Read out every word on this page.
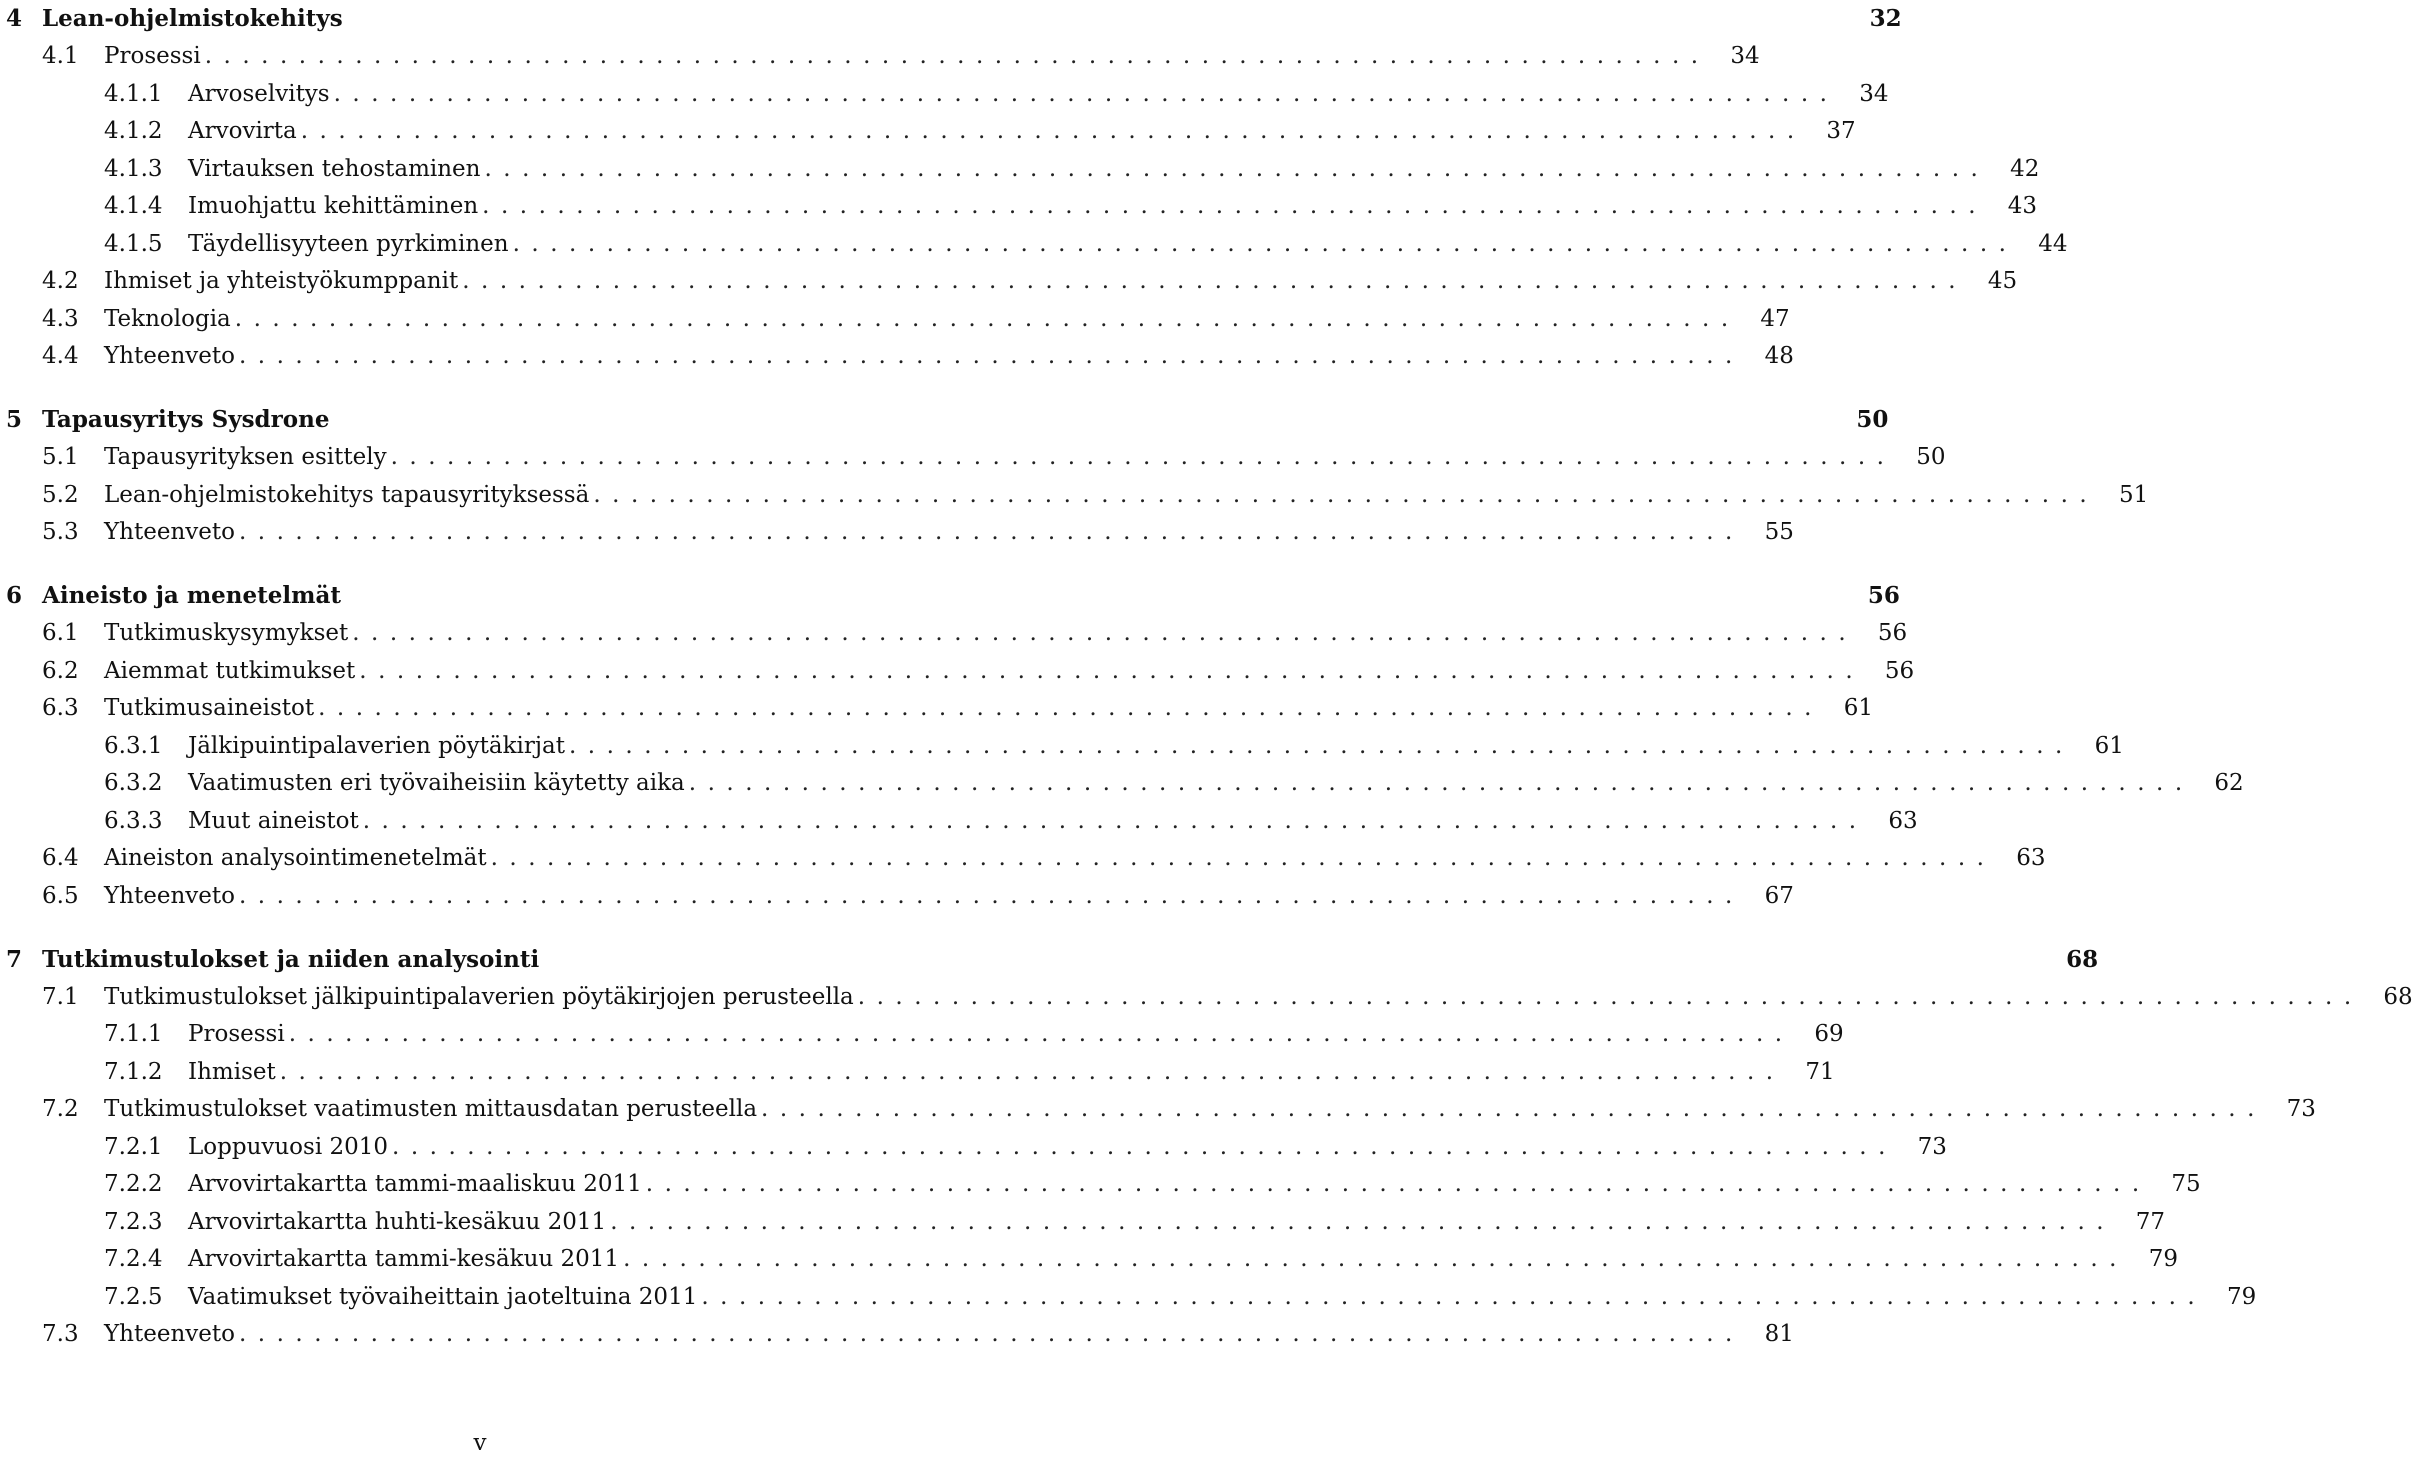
4 Lean-ohjelmistokehitys	32
4.1	Prosessi ................................................................................ 34
4.1.1	Arvoselvitys ................................................................................ 34
4.1.2	Arvovirta ................................................................................ 37
4.1.3	Virtauksen tehostaminen ................................................................................ 42
4.1.4	Imuohjattu kehittäminen ................................................................................ 43
4.1.5	Täydellisyyteen pyrkiminen ................................................................................ 44
4.2	Ihmiset ja yhteistyökumppanit ................................................................................ 45
4.3	Teknologia ................................................................................ 47
4.4	Yhteenveto ................................................................................ 48
5 Tapausyritys Sysdrone	50
5.1	Tapausyrityksen esittely ................................................................................ 50
5.2	Lean-ohjelmistokehitys tapausyrityksessä ................................................................................ 51
5.3	Yhteenveto ................................................................................ 55
6 Aineisto ja menetelmät	56
6.1	Tutkimuskysymykset ................................................................................ 56
6.2	Aiemmat tutkimukset ................................................................................ 56
6.3	Tutkimusaineistot ................................................................................ 61
6.3.1	Jälkipuintipalaverien pöytäkirjat ................................................................................ 61
6.3.2	Vaatimusten eri työvaiheisiin käytetty aika ................................................................................ 62
6.3.3	Muut aineistot ................................................................................ 63
6.4	Aineiston analysointimenetelmät ................................................................................ 63
6.5	Yhteenveto ................................................................................ 67
7 Tutkimustulokset ja niiden analysointi	68
7.1	Tutkimustulokset jälkipuintipalaverien pöytäkirjojen perusteella ................................................................................ 68
7.1.1	Prosessi ................................................................................ 69
7.1.2	Ihmiset ................................................................................ 71
7.2	Tutkimustulokset vaatimusten mittausdatan perusteella ................................................................................ 73
7.2.1	Loppuvuosi 2010 ................................................................................ 73
7.2.2	Arvovirtakartta tammi-maaliskuu 2011 ................................................................................ 75
7.2.3	Arvovirtakartta huhti-kesäkuu 2011 ................................................................................ 77
7.2.4	Arvovirtakartta tammi-kesäkuu 2011 ................................................................................ 79
7.2.5	Vaatimukset työvaiheittain jaoteltuina 2011 ................................................................................ 79
7.3	Yhteenveto ................................................................................ 81
v
